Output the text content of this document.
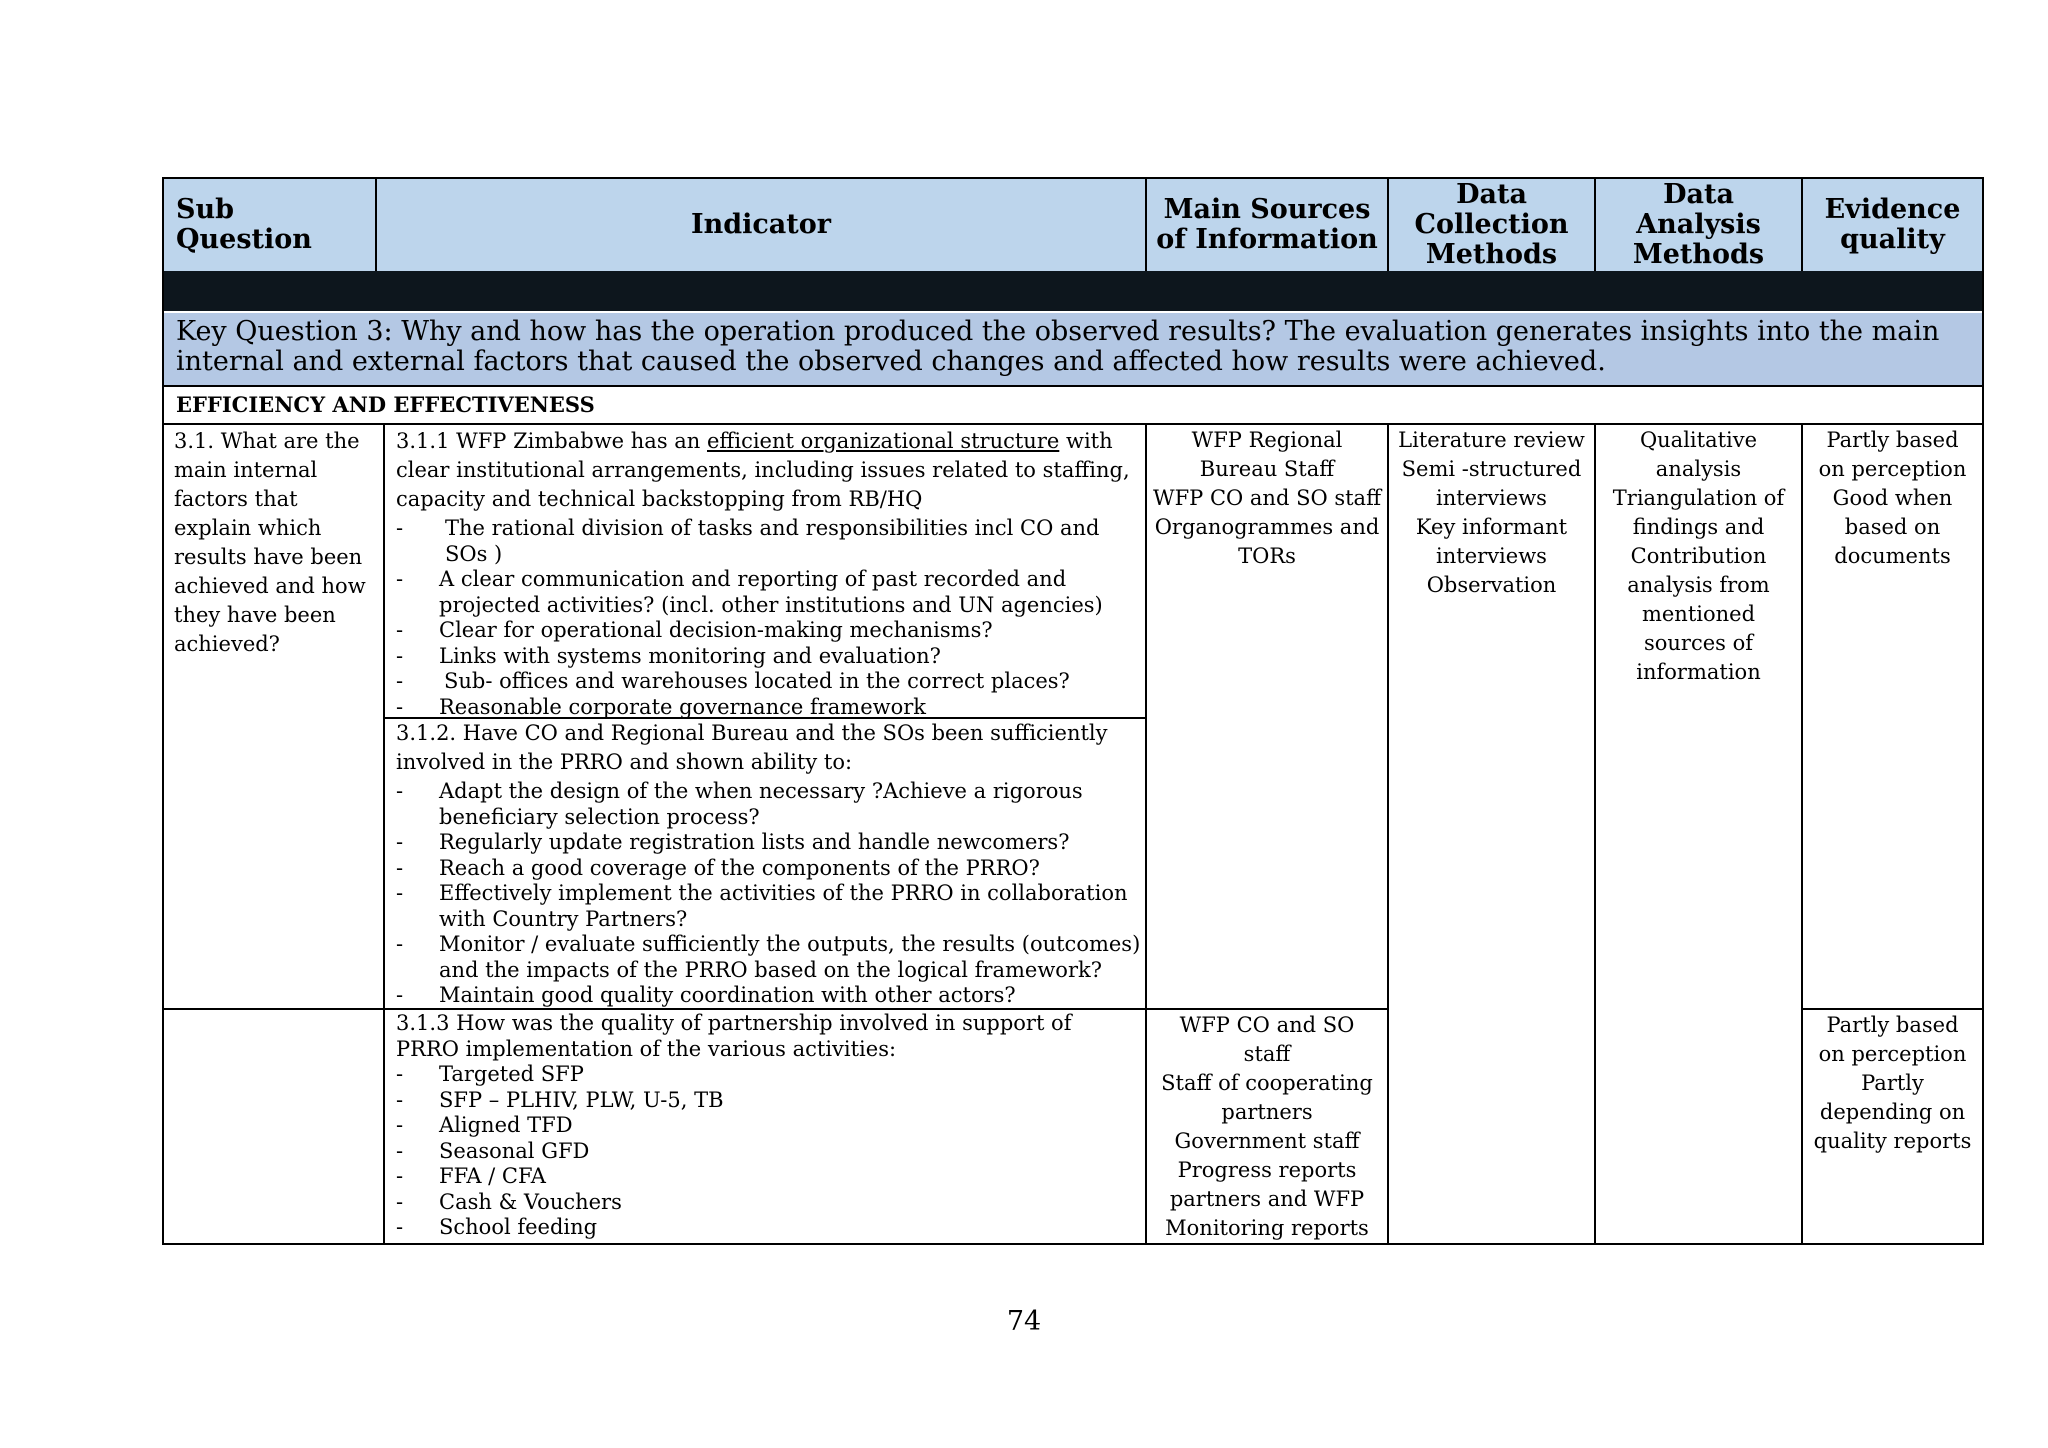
Sub Question	Indicator	Main Sources of Information
Data Collection Methods
Data Analysis Methods
Evidence quality
Key Question 3: Why and how has the operation produced the observed results? The evaluation generates insights into the main internal and external factors that caused the observed changes and affected how results were achieved.
EFFICIENCY AND EFFECTIVENESS
3.1. What are the main internal factors that explain which results have been achieved and how they have been achieved?
3.1.1 WFP Zimbabwe has an efficient organizational structure with clear institutional arrangements, including issues related to staffing, capacity and technical backstopping from RB/HQ
- The rational division of tasks and responsibilities incl CO and SOs )
- A clear communication and reporting of past recorded and projected activities? (incl. other institutions and UN agencies)
- Clear for operational decision-making mechanisms?
- Links with systems monitoring and evaluation?
- Sub- offices and warehouses located in the correct places?
- Reasonable corporate governance framework
3.1.2. Have CO and Regional Bureau and the SOs been sufficiently involved in the PRRO and shown ability to:
- Adapt the design of the when necessary ?Achieve a rigorous beneficiary selection process?
- Regularly update registration lists and handle newcomers?
- Reach a good coverage of the components of the PRRO?
- Effectively implement the activities of the PRRO in collaboration with Country Partners?
- Monitor / evaluate sufficiently the outputs, the results (outcomes) and the impacts of the PRRO based on the logical framework?
- Maintain good quality coordination with other actors?
WFP Regional Bureau Staff
WFP CO and SO staff
Organogrammes and TORs
Literature review
Semi -structured interviews
Key informant interviews
Observation
Qualitative analysis
Triangulation of findings and Contribution analysis from mentioned sources of information
Partly based on perception
Good when based on documents
3.1.3 How was the quality of partnership involved in support of PRRO implementation of the various activities:
- Targeted SFP
- SFP – PLHIV, PLW, U-5, TB
- Aligned TFD
- Seasonal GFD
- FFA / CFA
- Cash & Vouchers
- School feeding
WFP CO and SO staff
Staff of cooperating partners
Government staff
Progress reports partners and WFP
Monitoring reports
Partly based on perception
Partly depending on quality reports
74
